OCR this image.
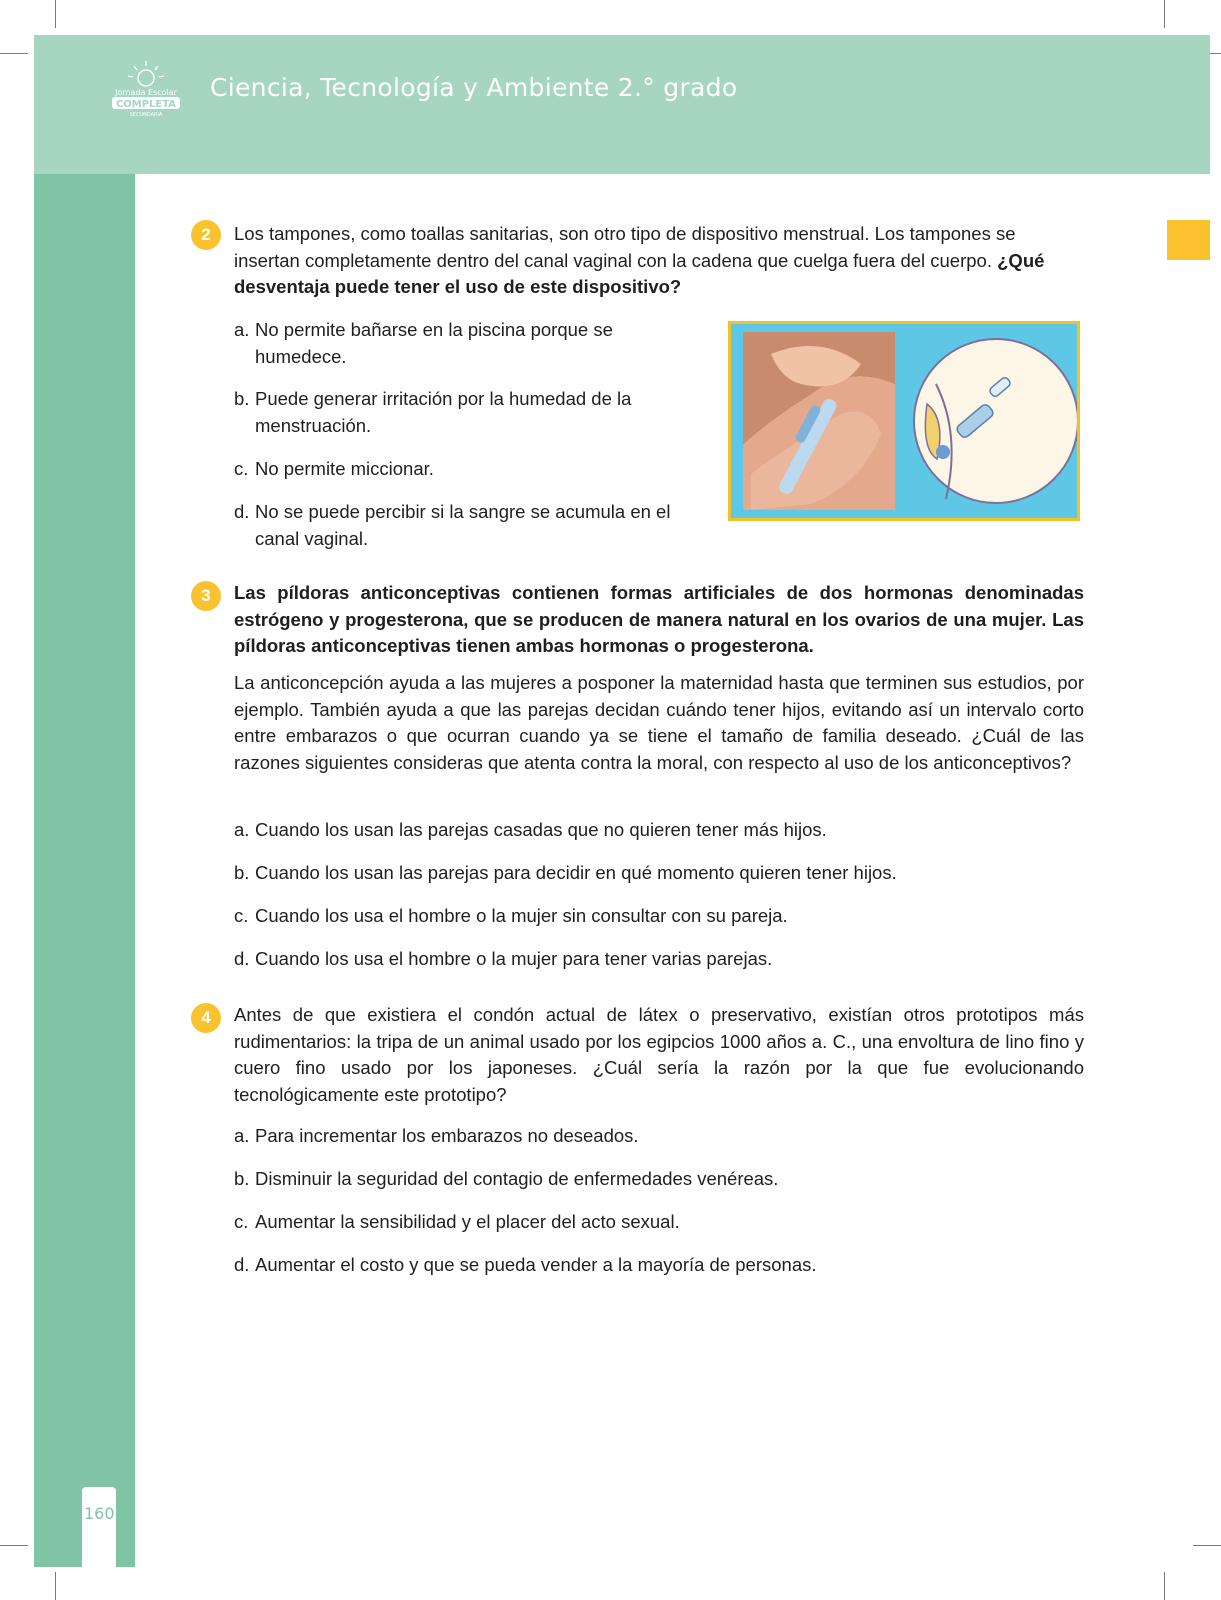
Jornada Escolar
COMPLETA
SECUNDARIA
Ciencia, Tecnología y Ambiente 2.° grado
160
2	Los tampones, como toallas sanitarias, son otro tipo de dispositivo menstrual. Los tampones se insertan completamente dentro del canal vaginal con la cadena que cuelga fuera del cuerpo. ¿Qué desventaja puede tener el uso de este dispositivo?
a. No permite bañarse en la piscina porque se
humedece.
b. Puede generar irritación por la humedad de la
menstruación.
c. No permite miccionar.
d. No se puede percibir si la sangre se acumula en el
canal vaginal.
3	Las píldoras anticonceptivas contienen formas artificiales de dos hormonas denominadas estrógeno y progesterona, que se producen de manera natural en los ovarios de una mujer. Las píldoras anticonceptivas tienen ambas hormonas o progesterona.
La anticoncepción ayuda a las mujeres a posponer la maternidad hasta que terminen sus estudios, por ejemplo. También ayuda a que las parejas decidan cuándo tener hijos, evitando así un intervalo corto entre embarazos o que ocurran cuando ya se tiene el tamaño de familia deseado. ¿Cuál de las razones siguientes consideras que atenta contra la moral, con respecto al uso de los anticonceptivos?
a. Cuando los usan las parejas casadas que no quieren tener más hijos.
b. Cuando los usan las parejas para decidir en qué momento quieren tener hijos.
c. Cuando los usa el hombre o la mujer sin consultar con su pareja.
d. Cuando los usa el hombre o la mujer para tener varias parejas.
4	Antes de que existiera el condón actual de látex o preservativo, existían otros prototipos más rudimentarios: la tripa de un animal usado por los egipcios 1000 años a. C., una envoltura de lino fino y cuero fino usado por los japoneses. ¿Cuál sería la razón por la que fue evolucionando tecnológicamente este prototipo?
a. Para incrementar los embarazos no deseados.
b. Disminuir la seguridad del contagio de enfermedades venéreas.
c. Aumentar la sensibilidad y el placer del acto sexual.
d. Aumentar el costo y que se pueda vender a la mayoría de personas.
